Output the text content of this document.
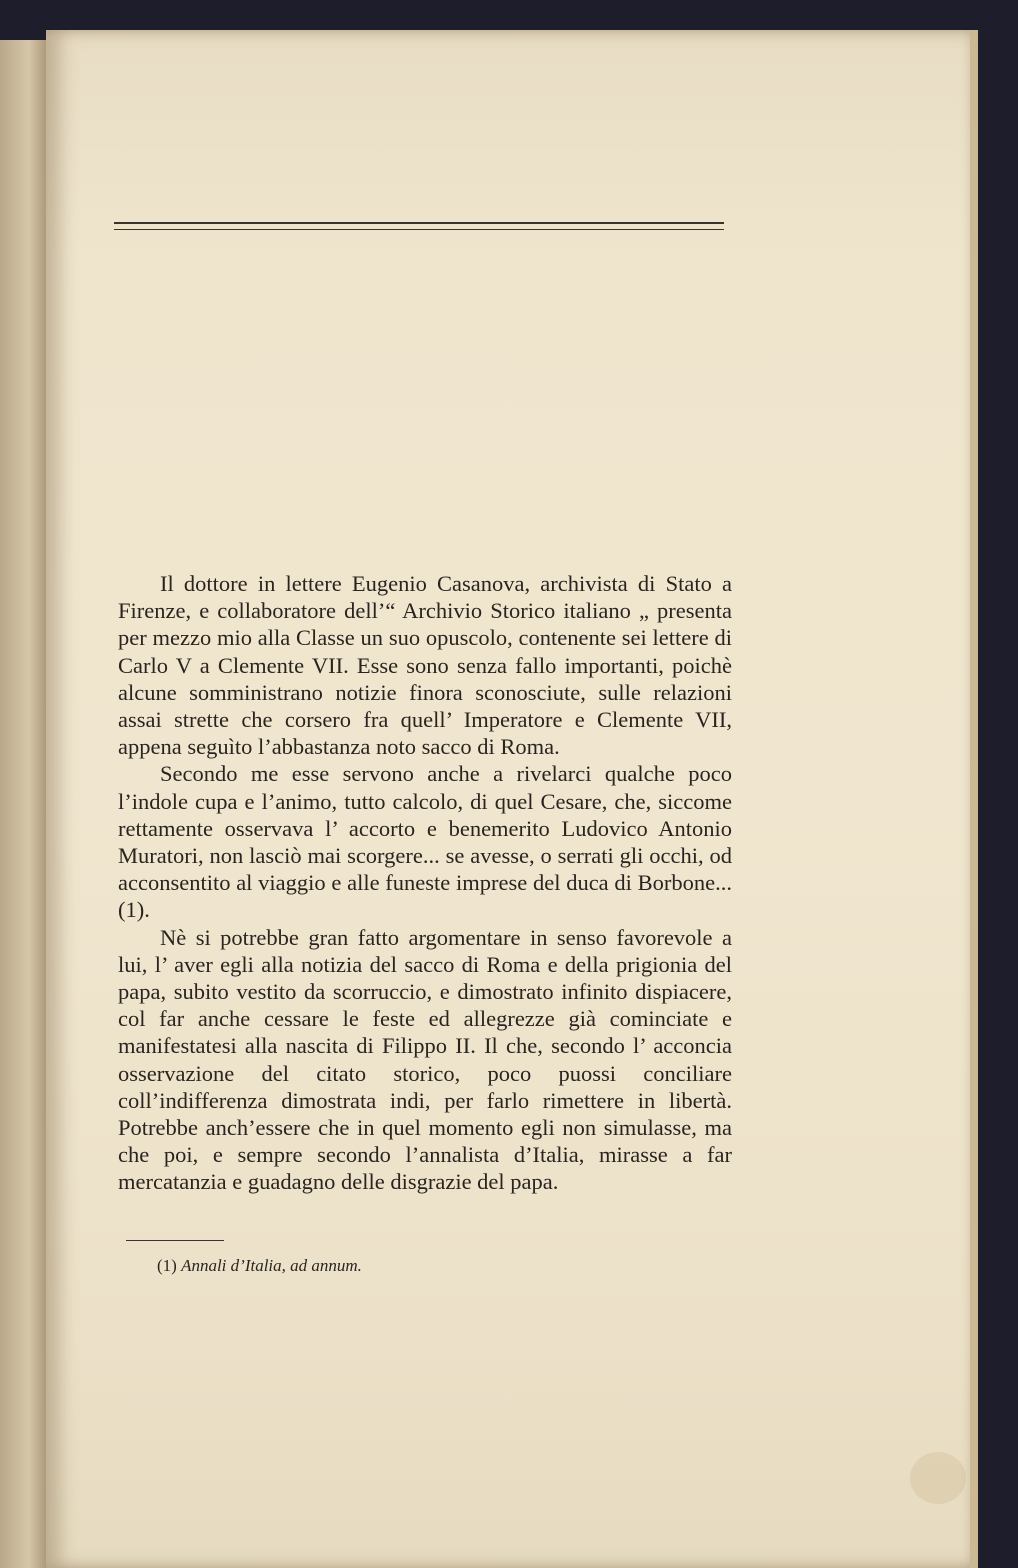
Il dottore in lettere Eugenio Casanova, archivista di Stato a Firenze, e collaboratore dell’“ Archivio Storico italiano „ presenta per mezzo mio alla Classe un suo opuscolo, contenente sei lettere di Carlo V a Clemente VII. Esse sono senza fallo importanti, poichè alcune somministrano notizie finora sconosciute, sulle relazioni assai strette che corsero fra quell’ Imperatore e Clemente VII, appena seguìto l’abbastanza noto sacco di Roma.

Secondo me esse servono anche a rivelarci qualche poco l’indole cupa e l’animo, tutto calcolo, di quel Cesare, che, siccome rettamente osservava l’ accorto e benemerito Ludovico Antonio Muratori, non lasciò mai scorgere... se avesse, o serrati gli occhi, od acconsentito al viaggio e alle funeste imprese del duca di Borbone... (1).

Nè si potrebbe gran fatto argomentare in senso favorevole a lui, l’ aver egli alla notizia del sacco di Roma e della prigionia del papa, subito vestito da scorruccio, e dimostrato infinito dispiacere, col far anche cessare le feste ed allegrezze già cominciate e manifestatesi alla nascita di Filippo II. Il che, secondo l’ acconcia osservazione del citato storico, poco puossi conciliare coll’indifferenza dimostrata indi, per farlo rimettere in libertà. Potrebbe anch’essere che in quel momento egli non simulasse, ma che poi, e sempre secondo l’annalista d’Italia, mirasse a far mercatanzia e guadagno delle disgrazie del papa.

(1) Annali d’Italia, ad annum.
